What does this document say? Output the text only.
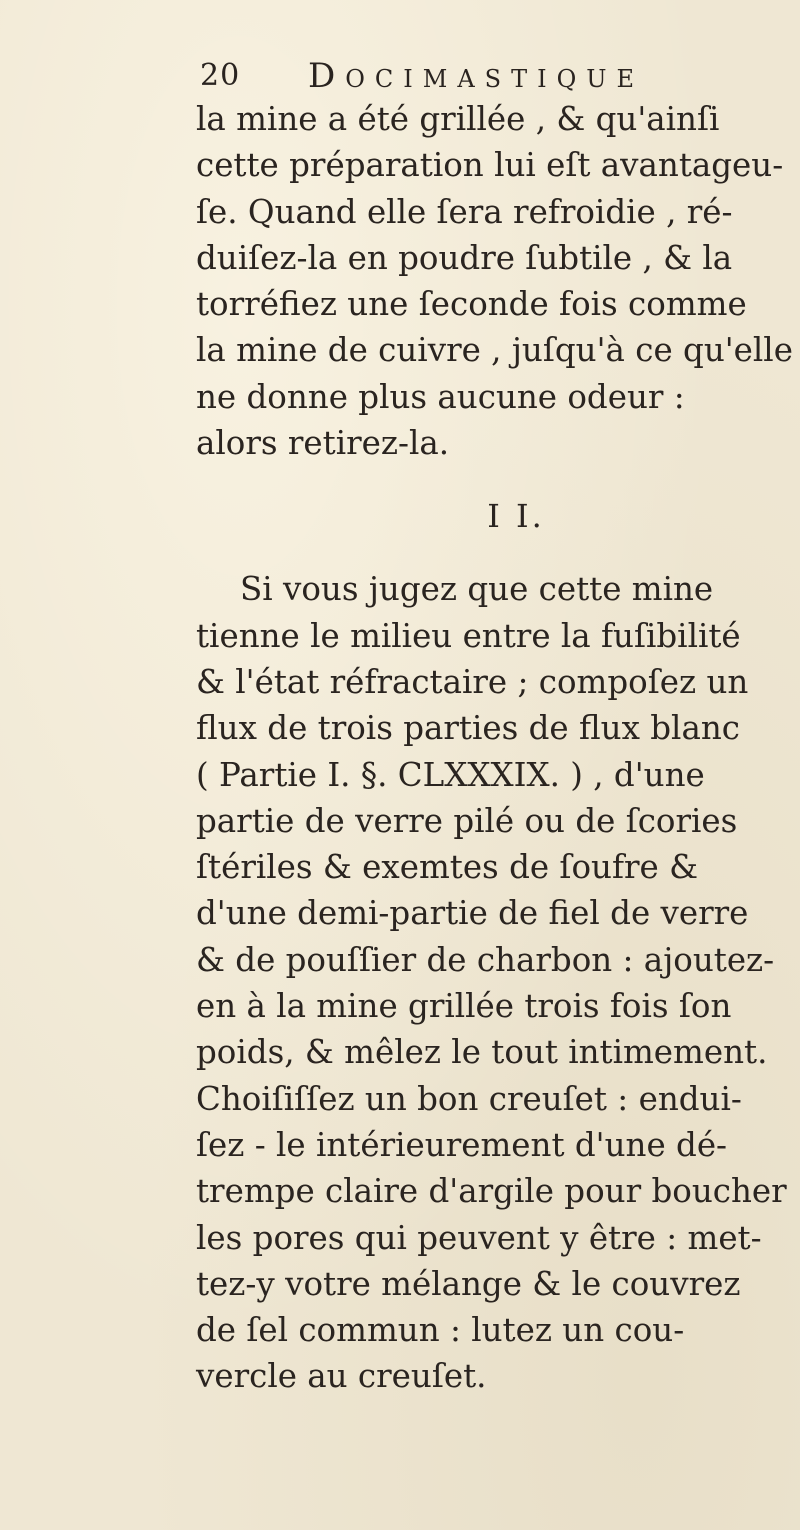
20 Docimastique
la mine a été grillée , & qu'ainſi
cette préparation lui eſt avantageu-
ſe. Quand elle ſera refroidie , ré-
duiſez-la en poudre ſubtile , & la
torréfiez une ſeconde fois comme
la mine de cuivre , juſqu'à ce qu'elle
ne donne plus aucune odeur :
alors retirez-la.
I I.
Si vous jugez que cette mine
tienne le milieu entre la fuſibilité
& l'état réfractaire ; compoſez un
flux de trois parties de flux blanc
( Partie I. §. CLXXXIX. ) , d'une
partie de verre pilé ou de ſcories
ſtériles & exemtes de ſoufre &
d'une demi-partie de fiel de verre
& de pouſſier de charbon : ajoutez-
en à la mine grillée trois fois ſon
poids, & mêlez le tout intimement.
Choiſiſſez un bon creuſet : endui-
ſez - le intérieurement d'une dé-
trempe claire d'argile pour boucher
les pores qui peuvent y être : met-
tez-y votre mélange & le couvrez
de ſel commun : lutez un cou-
vercle au creuſet.
